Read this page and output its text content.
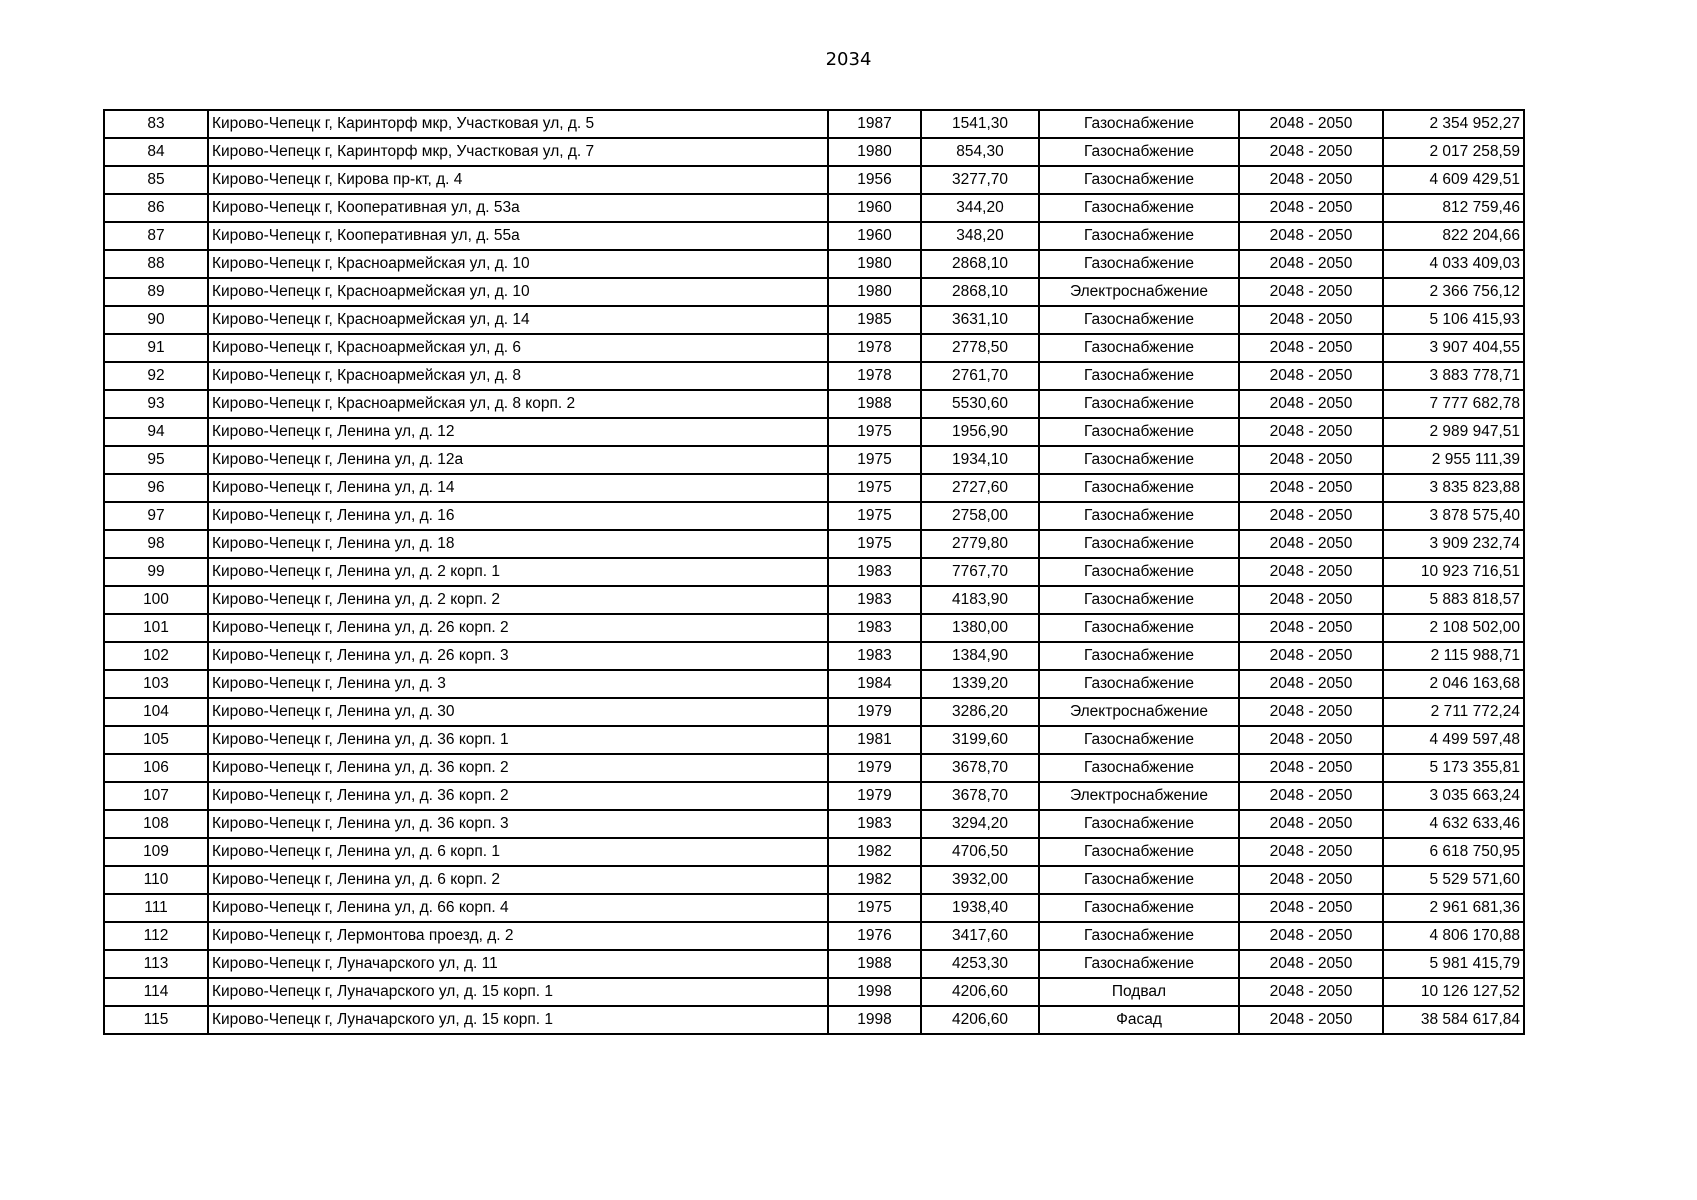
2034
83	Кирово-Чепецк г, Каринторф мкр, Участковая ул, д. 5	1987	1541,30	Газоснабжение	2048 - 2050	2 354 952,27
84	Кирово-Чепецк г, Каринторф мкр, Участковая ул, д. 7	1980	854,30	Газоснабжение	2048 - 2050	2 017 258,59
85	Кирово-Чепецк г, Кирова пр-кт, д. 4	1956	3277,70	Газоснабжение	2048 - 2050	4 609 429,51
86	Кирово-Чепецк г, Кооперативная ул, д. 53а	1960	344,20	Газоснабжение	2048 - 2050	812 759,46
87	Кирово-Чепецк г, Кооперативная ул, д. 55а	1960	348,20	Газоснабжение	2048 - 2050	822 204,66
88	Кирово-Чепецк г, Красноармейская ул, д. 10	1980	2868,10	Газоснабжение	2048 - 2050	4 033 409,03
89	Кирово-Чепецк г, Красноармейская ул, д. 10	1980	2868,10	Электроснабжение	2048 - 2050	2 366 756,12
90	Кирово-Чепецк г, Красноармейская ул, д. 14	1985	3631,10	Газоснабжение	2048 - 2050	5 106 415,93
91	Кирово-Чепецк г, Красноармейская ул, д. 6	1978	2778,50	Газоснабжение	2048 - 2050	3 907 404,55
92	Кирово-Чепецк г, Красноармейская ул, д. 8	1978	2761,70	Газоснабжение	2048 - 2050	3 883 778,71
93	Кирово-Чепецк г, Красноармейская ул, д. 8 корп. 2	1988	5530,60	Газоснабжение	2048 - 2050	7 777 682,78
94	Кирово-Чепецк г, Ленина ул, д. 12	1975	1956,90	Газоснабжение	2048 - 2050	2 989 947,51
95	Кирово-Чепецк г, Ленина ул, д. 12а	1975	1934,10	Газоснабжение	2048 - 2050	2 955 111,39
96	Кирово-Чепецк г, Ленина ул, д. 14	1975	2727,60	Газоснабжение	2048 - 2050	3 835 823,88
97	Кирово-Чепецк г, Ленина ул, д. 16	1975	2758,00	Газоснабжение	2048 - 2050	3 878 575,40
98	Кирово-Чепецк г, Ленина ул, д. 18	1975	2779,80	Газоснабжение	2048 - 2050	3 909 232,74
99	Кирово-Чепецк г, Ленина ул, д. 2 корп. 1	1983	7767,70	Газоснабжение	2048 - 2050	10 923 716,51
100	Кирово-Чепецк г, Ленина ул, д. 2 корп. 2	1983	4183,90	Газоснабжение	2048 - 2050	5 883 818,57
101	Кирово-Чепецк г, Ленина ул, д. 26 корп. 2	1983	1380,00	Газоснабжение	2048 - 2050	2 108 502,00
102	Кирово-Чепецк г, Ленина ул, д. 26 корп. 3	1983	1384,90	Газоснабжение	2048 - 2050	2 115 988,71
103	Кирово-Чепецк г, Ленина ул, д. 3	1984	1339,20	Газоснабжение	2048 - 2050	2 046 163,68
104	Кирово-Чепецк г, Ленина ул, д. 30	1979	3286,20	Электроснабжение	2048 - 2050	2 711 772,24
105	Кирово-Чепецк г, Ленина ул, д. 36 корп. 1	1981	3199,60	Газоснабжение	2048 - 2050	4 499 597,48
106	Кирово-Чепецк г, Ленина ул, д. 36 корп. 2	1979	3678,70	Газоснабжение	2048 - 2050	5 173 355,81
107	Кирово-Чепецк г, Ленина ул, д. 36 корп. 2	1979	3678,70	Электроснабжение	2048 - 2050	3 035 663,24
108	Кирово-Чепецк г, Ленина ул, д. 36 корп. 3	1983	3294,20	Газоснабжение	2048 - 2050	4 632 633,46
109	Кирово-Чепецк г, Ленина ул, д. 6 корп. 1	1982	4706,50	Газоснабжение	2048 - 2050	6 618 750,95
110	Кирово-Чепецк г, Ленина ул, д. 6 корп. 2	1982	3932,00	Газоснабжение	2048 - 2050	5 529 571,60
111	Кирово-Чепецк г, Ленина ул, д. 66 корп. 4	1975	1938,40	Газоснабжение	2048 - 2050	2 961 681,36
112	Кирово-Чепецк г, Лермонтова проезд, д. 2	1976	3417,60	Газоснабжение	2048 - 2050	4 806 170,88
113	Кирово-Чепецк г, Луначарского ул, д. 11	1988	4253,30	Газоснабжение	2048 - 2050	5 981 415,79
114	Кирово-Чепецк г, Луначарского ул, д. 15 корп. 1	1998	4206,60	Подвал	2048 - 2050	10 126 127,52
115	Кирово-Чепецк г, Луначарского ул, д. 15 корп. 1	1998	4206,60	Фасад	2048 - 2050	38 584 617,84
